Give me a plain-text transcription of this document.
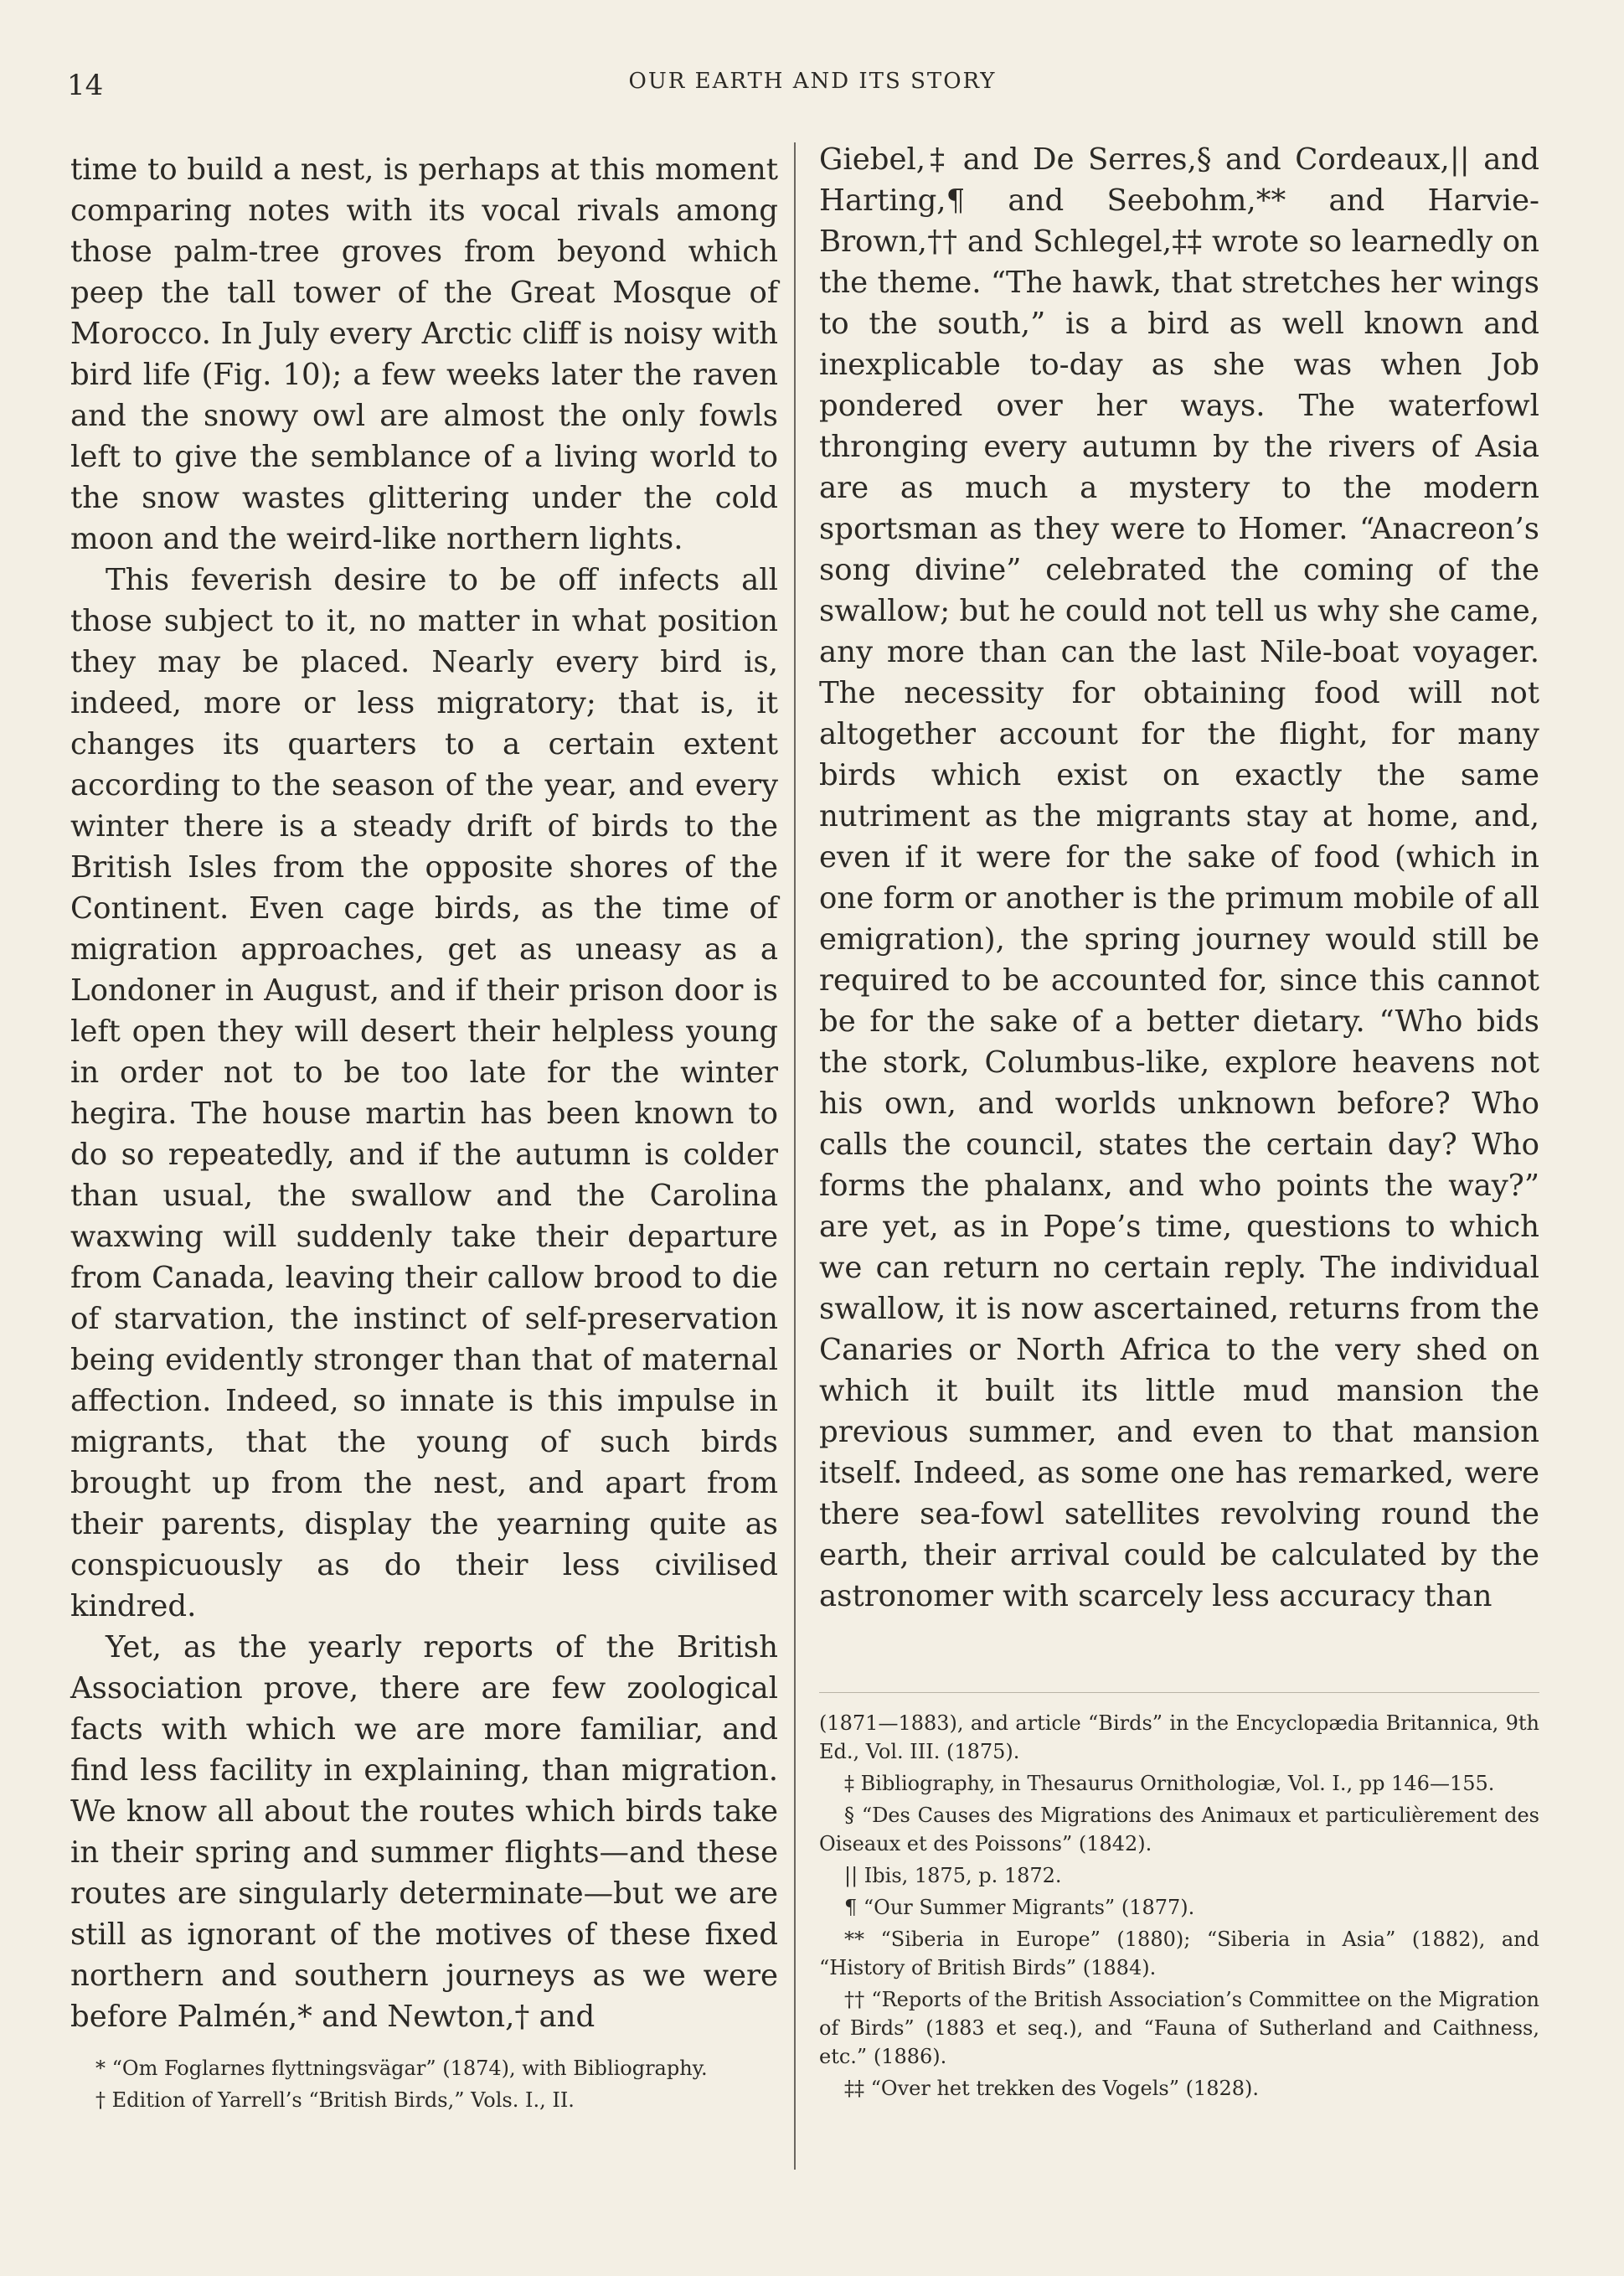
14	OUR EARTH AND ITS STORY

time to build a nest, is perhaps at this moment comparing notes with its vocal rivals among those palm-tree groves from beyond which peep the tall tower of the Great Mosque of Morocco. In July every Arctic cliff is noisy with bird life (Fig. 10); a few weeks later the raven and the snowy owl are almost the only fowls left to give the semblance of a living world to the snow wastes glittering under the cold moon and the weird-like northern lights.

This feverish desire to be off infects all those subject to it, no matter in what position they may be placed. Nearly every bird is, indeed, more or less migratory; that is, it changes its quarters to a certain extent according to the season of the year, and every winter there is a steady drift of birds to the British Isles from the opposite shores of the Continent. Even cage birds, as the time of migration approaches, get as uneasy as a Londoner in August, and if their prison door is left open they will desert their helpless young in order not to be too late for the winter hegira. The house martin has been known to do so repeatedly, and if the autumn is colder than usual, the swallow and the Carolina waxwing will suddenly take their departure from Canada, leaving their callow brood to die of starvation, the instinct of self-preservation being evidently stronger than that of maternal affection. Indeed, so innate is this impulse in migrants, that the young of such birds brought up from the nest, and apart from their parents, display the yearning quite as conspicuously as do their less civilised kindred.

Yet, as the yearly reports of the British Association prove, there are few zoological facts with which we are more familiar, and find less facility in explaining, than migration. We know all about the routes which birds take in their spring and summer flights—and these routes are singularly determinate—but we are still as ignorant of the motives of these fixed northern and southern journeys as we were before Palmén,* and Newton,† and

Giebel,‡ and De Serres,§ and Cordeaux,|| and Harting,¶ and Seebohm,** and Harvie-Brown,†† and Schlegel,‡‡ wrote so learnedly on the theme. “The hawk, that stretches her wings to the south,” is a bird as well known and inexplicable to-day as she was when Job pondered over her ways. The waterfowl thronging every autumn by the rivers of Asia are as much a mystery to the modern sportsman as they were to Homer. “Anacreon’s song divine” celebrated the coming of the swallow; but he could not tell us why she came, any more than can the last Nile-boat voyager. The necessity for obtaining food will not altogether account for the flight, for many birds which exist on exactly the same nutriment as the migrants stay at home, and, even if it were for the sake of food (which in one form or another is the primum mobile of all emigration), the spring journey would still be required to be accounted for, since this cannot be for the sake of a better dietary. “Who bids the stork, Columbus-like, explore heavens not his own, and worlds unknown before? Who calls the council, states the certain day? Who forms the phalanx, and who points the way?” are yet, as in Pope’s time, questions to which we can return no certain reply. The individual swallow, it is now ascertained, returns from the Canaries or North Africa to the very shed on which it built its little mud mansion the previous summer, and even to that mansion itself. Indeed, as some one has remarked, were there sea-fowl satellites revolving round the earth, their arrival could be calculated by the astronomer with scarcely less accuracy than

* “Om Foglarnes flyttningsvägar” (1874), with Bibliography.

† Edition of Yarrell’s “British Birds,” Vols. I., II.

(1871—1883), and article “Birds” in the Encyclopædia Britannica, 9th Ed., Vol. III. (1875).

‡ Bibliography, in Thesaurus Ornithologiæ, Vol. I., pp 146—155.

§ “Des Causes des Migrations des Animaux et particulièrement des Oiseaux et des Poissons” (1842).

|| Ibis, 1875, p. 1872.

¶ “Our Summer Migrants” (1877).

** “Siberia in Europe” (1880); “Siberia in Asia” (1882), and “History of British Birds” (1884).

†† “Reports of the British Association’s Committee on the Migration of Birds” (1883 et seq.), and “Fauna of Sutherland and Caithness, etc.” (1886).

‡‡ “Over het trekken des Vogels” (1828).
